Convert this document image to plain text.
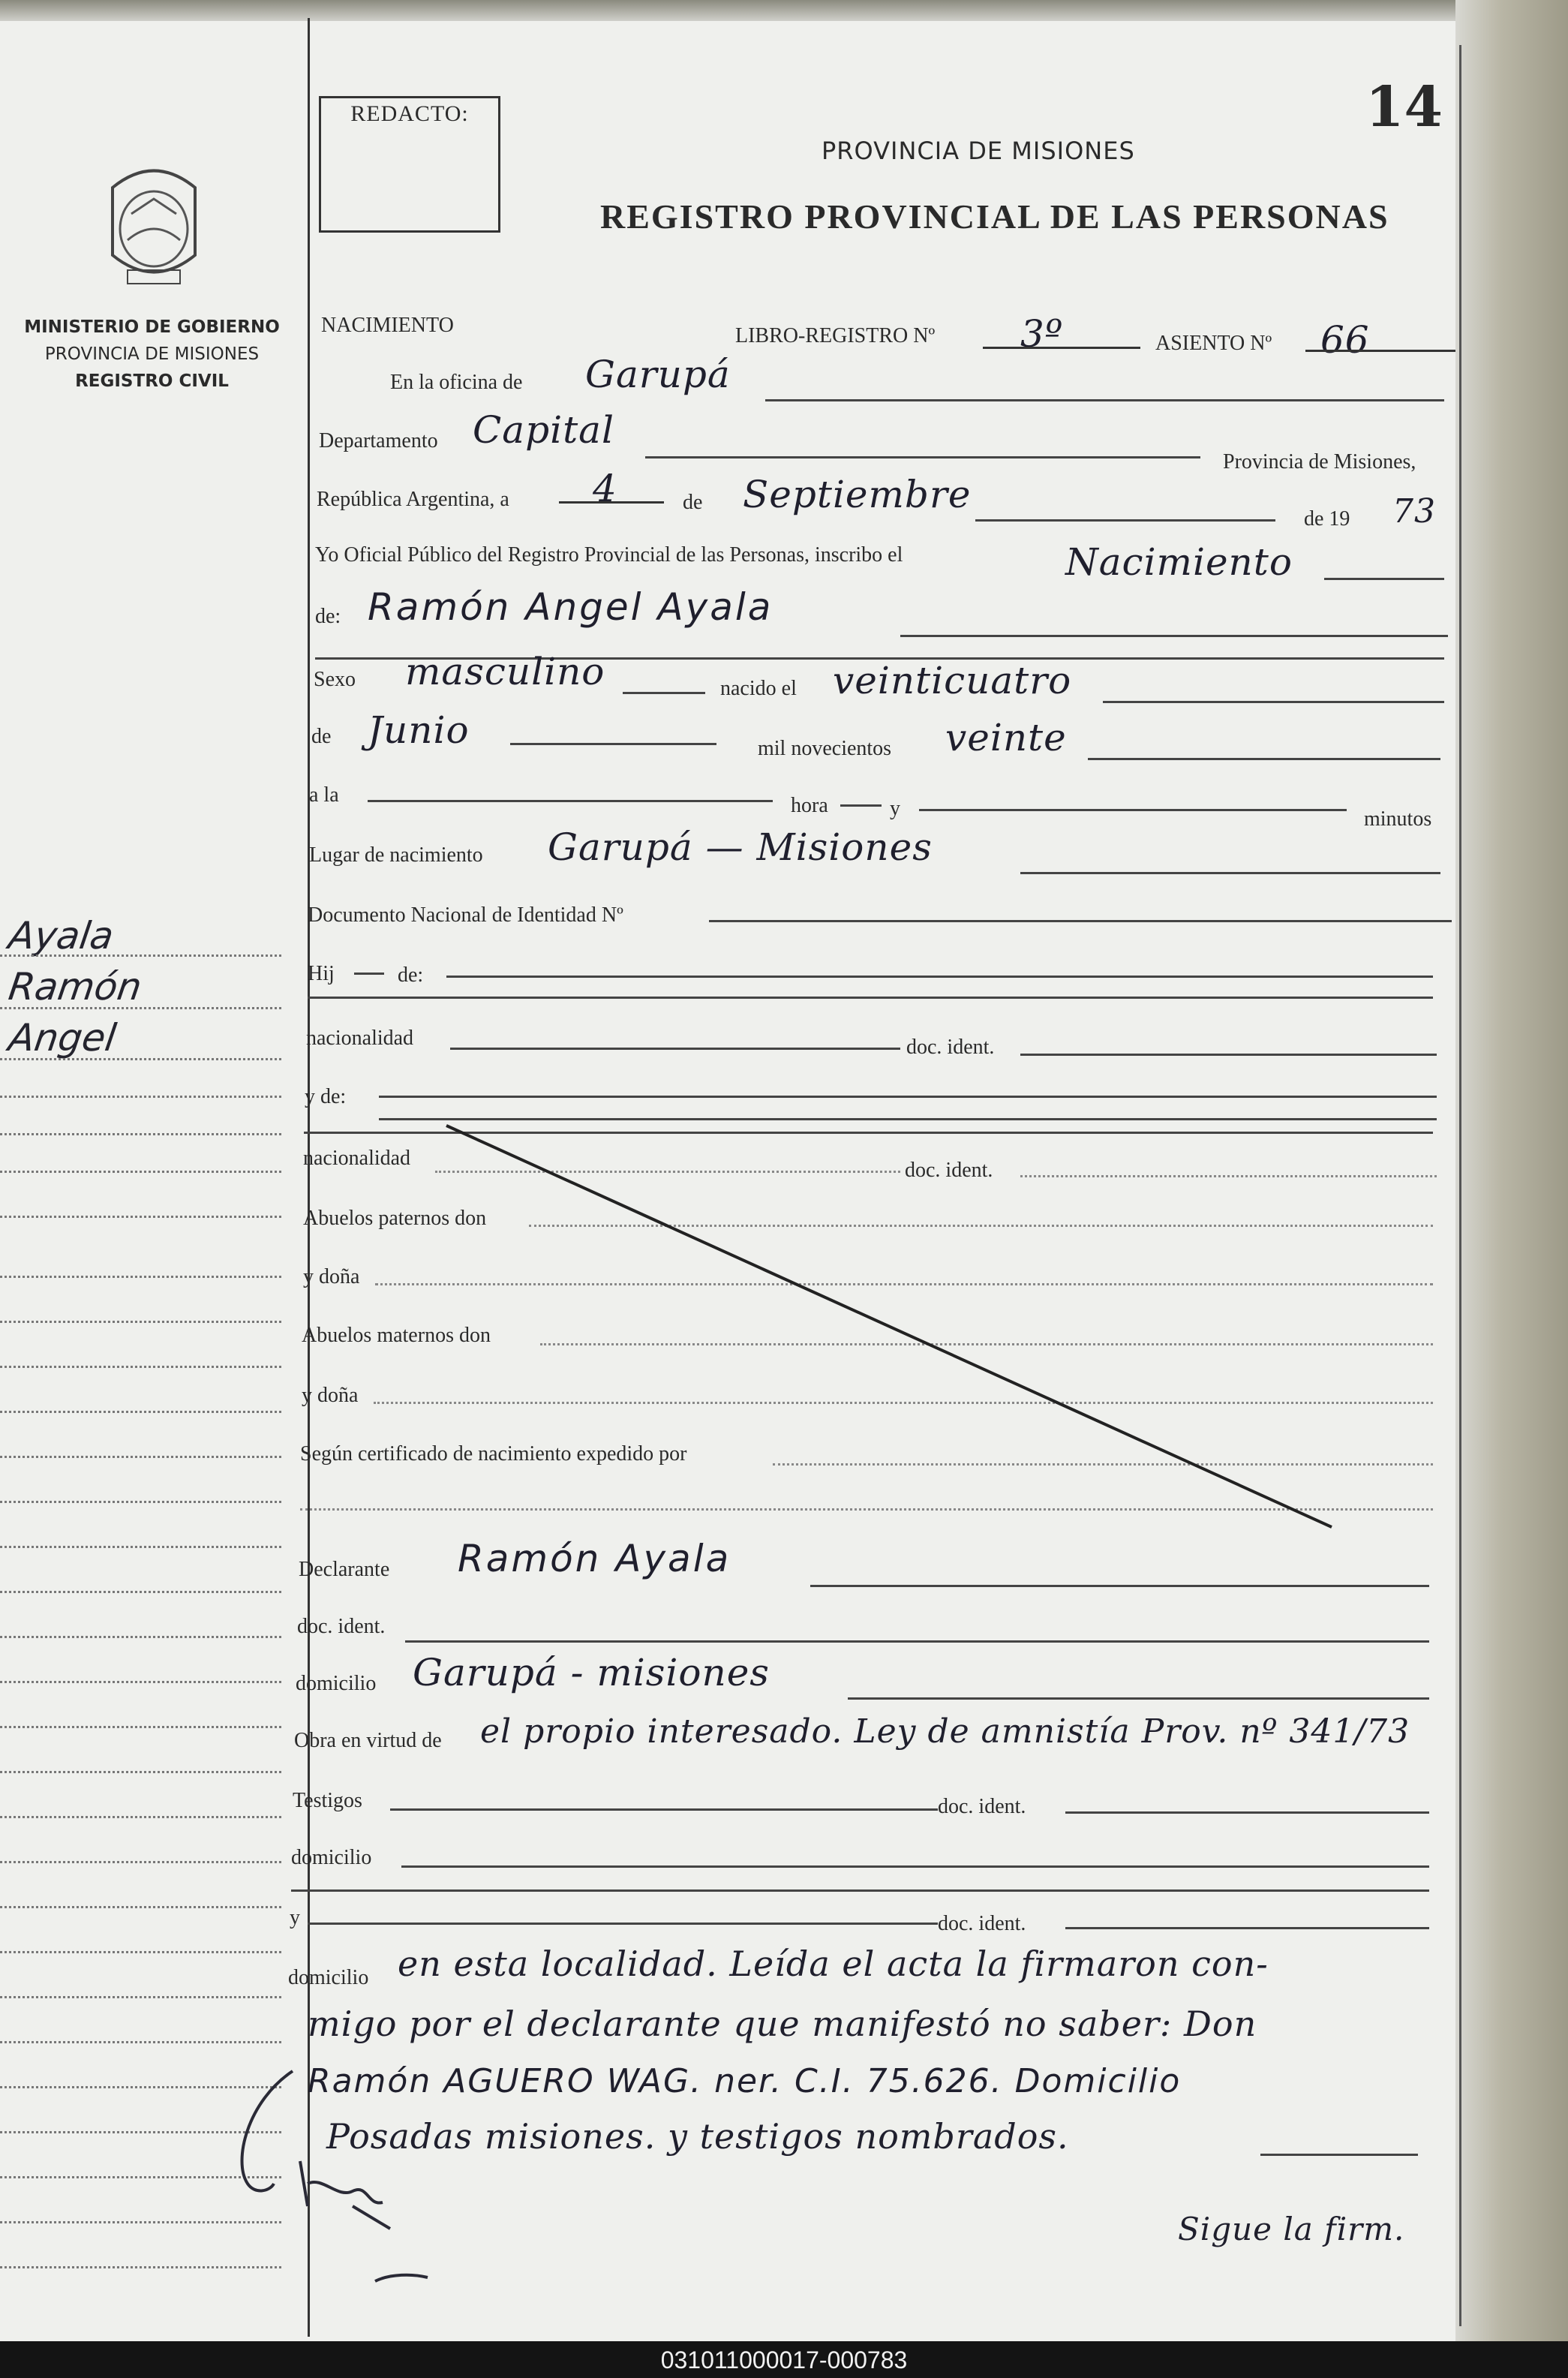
REDACTO:	14
PROVINCIA DE MISIONES
REGISTRO PROVINCIAL DE LAS PERSONAS
MINISTERIO DE GOBIERNO
PROVINCIA DE MISIONES
REGISTRO CIVIL
Ayala
Ramón
Angel
NACIMIENTO	LIBRO-REGISTRO Nº 3º	ASIENTO Nº 66
En la oficina de Garupá
Departamento Capital
Provincia de Misiones,
República Argentina, a 4	de Septiembre
de 19 73
Yo Oficial Público del Registro Provincial de las Personas, inscribo el	Nacimiento
de: Ramón Angel Ayala
Sexo masculino	nacido el veinticuatro
de Junio	mil novecientos veinte
a la	hora	y	minutos
Lugar de nacimiento Garupá — Misiones
Documento Nacional de Identidad Nº
Hij	de:
nacionalidad	doc. ident.
y de:
nacionalidad
doc. ident.
Abuelos paternos don
y doña
Abuelos maternos don
y doña
Según certificado de nacimiento expedido por
Declarante Ramón Ayala
doc. ident.
domicilio Garupá - misiones
Obra en virtud de el propio interesado. Ley de amnistía Prov. nº 341/73
Testigos	doc. ident.
domicilio
y	doc. ident.
domicilio en esta localidad. Leída el acta la firmaron con-
migo por el declarante que manifestó no saber: Don
Ramón AGUERO WAG. ner. C.I. 75.626. Domicilio
Posadas misiones. y testigos nombrados.
Sigue la firm.
031011000017-000783
